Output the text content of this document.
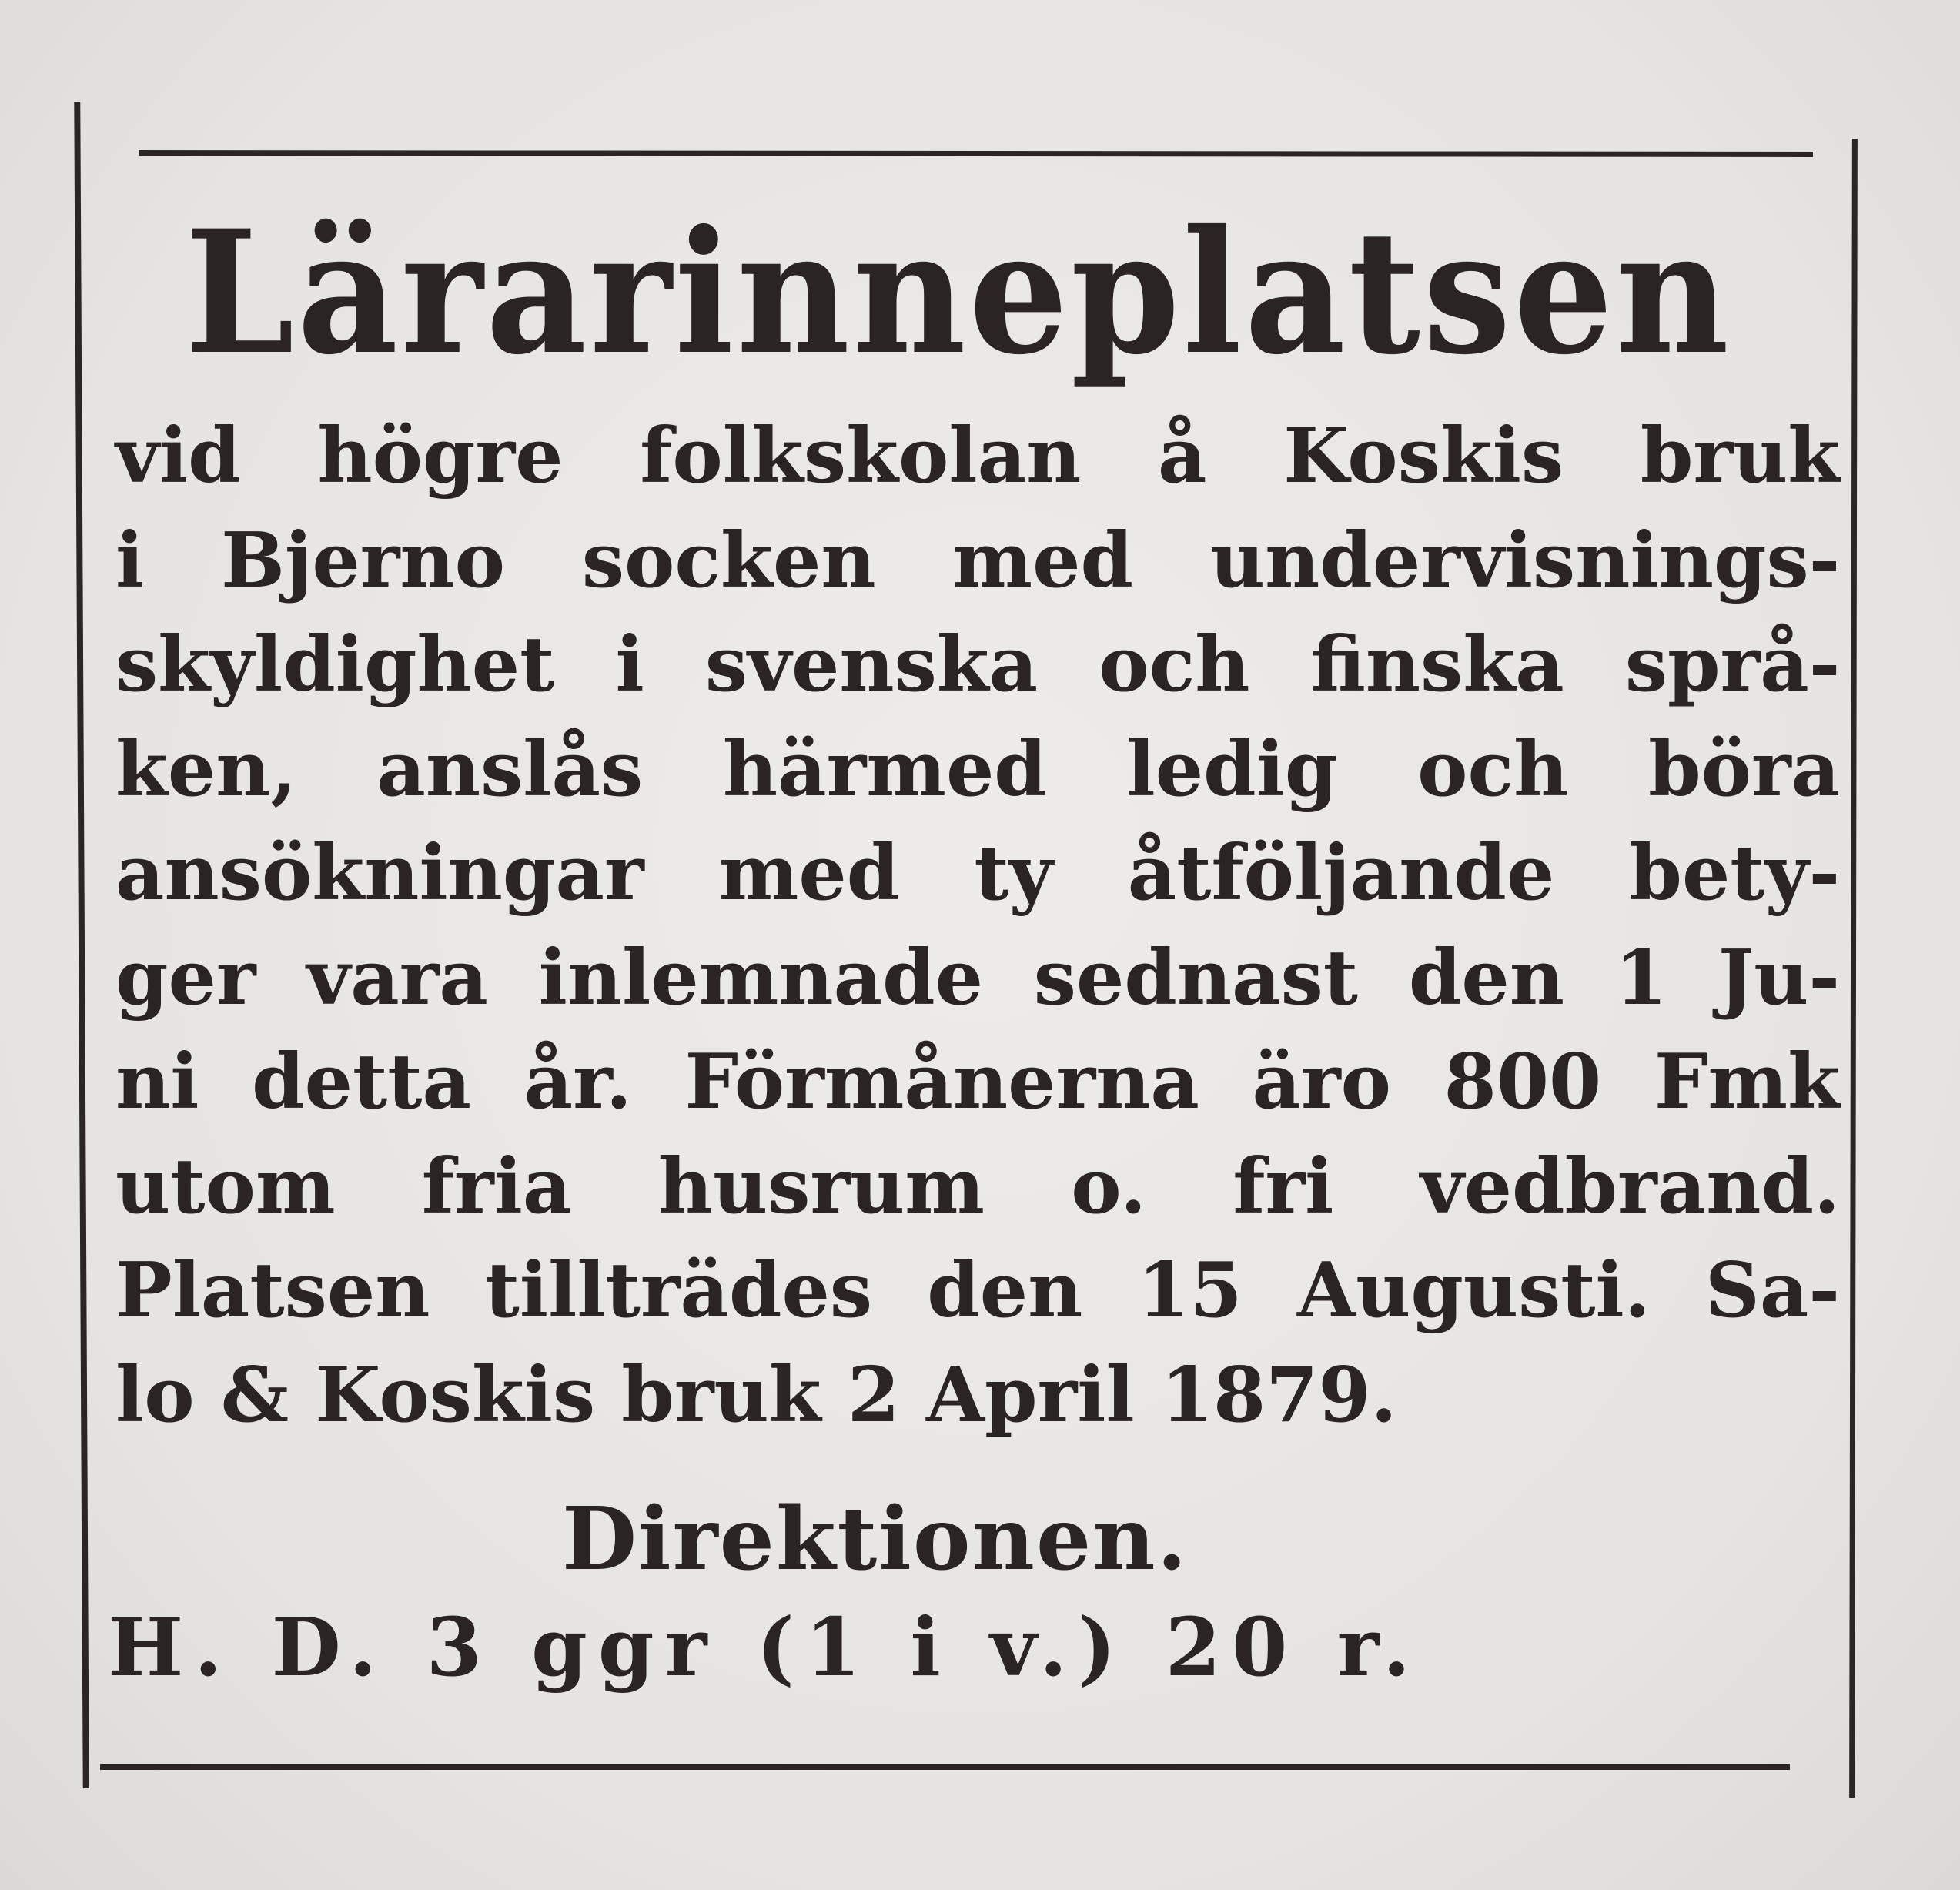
Lärarinneplatsen
vid högre folkskolan å Koskis bruk
i Bjerno socken med undervisnings-
skyldighet i svenska och finska språ-
ken, anslås härmed ledig och böra
ansökningar med ty åtföljande bety-
ger vara inlemnade sednast den 1 Ju-
ni detta år. Förmånerna äro 800 Fmk
utom fria husrum o. fri vedbrand.
Platsen tillträdes den 15 Augusti. Sa-
lo & Koskis bruk 2 April 1879.
Direktionen.
H. D. 3 ggr (1 i v.) 20 r.
